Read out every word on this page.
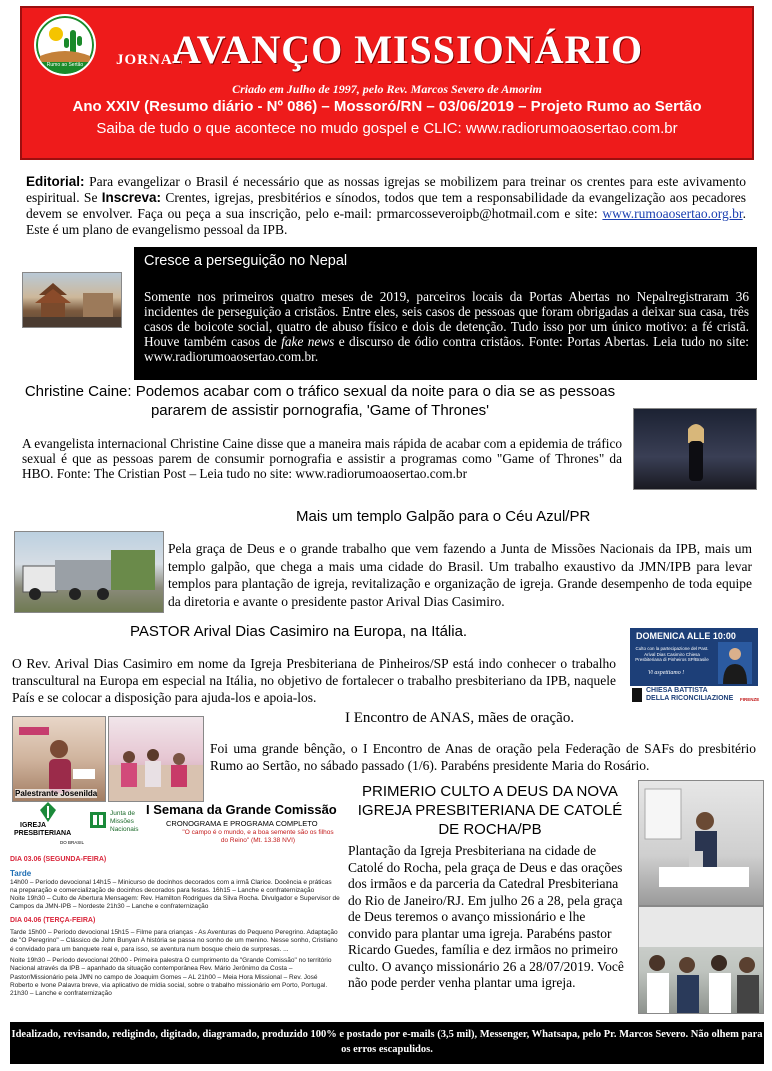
Rumo ao Sertão	JORNAL
AVANÇO MISSIONÁRIO
Criado em Julho de 1997, pelo Rev. Marcos Severo de Amorim
Ano XXIV (Resumo diário - Nº 086) – Mossoró/RN – 03/06/2019 – Projeto Rumo ao Sertão
Saiba de tudo o que acontece no mudo gospel e CLIC: www.radiorumoaosertao.com.br
Editorial: Para evangelizar o Brasil é necessário que as nossas igrejas se mobilizem para treinar os crentes para este avivamento espiritual. Se Inscreva: Crentes, igrejas, presbitérios e sínodos, todos que tem a responsabilidade da evangelização aos pecadores devem se envolver. Faça ou peça a sua inscrição, pelo e-mail: prmarcosseveroipb@hotmail.com e site: www.rumoaosertao.org.br. Este é um plano de evangelismo pessoal da IPB.
Cresce a perseguição no Nepal
Somente nos primeiros quatro meses de 2019, parceiros locais da Portas Abertas no Nepalregistraram 36 incidentes de perseguição a cristãos. Entre eles, seis casos de pessoas que foram obrigadas a deixar sua casa, três casos de boicote social, quatro de abuso físico e dois de detenção. Tudo isso por um único motivo: a fé cristã. Houve também casos de fake news e discurso de ódio contra cristãos. Fonte: Portas Abertas. Leia tudo no site: www.radiorumoaosertao.com.br.
Christine Caine: Podemos acabar com o tráfico sexual da noite para o dia se as pessoas pararem de assistir pornografia, 'Game of Thrones'
A evangelista internacional Christine Caine disse que a maneira mais rápida de acabar com a epidemia de tráfico sexual é que as pessoas parem de consumir pornografia e assistir a programas como "Game of Thrones" da HBO. Fonte: The Cristian Post – Leia tudo no site: www.radiorumoaosertao.com.br
Mais um templo Galpão para o Céu Azul/PR
Pela graça de Deus e o grande trabalho que vem fazendo a Junta de Missões Nacionais da IPB, mais um templo galpão, que chega a mais uma cidade do Brasil. Um trabalho exaustivo da JMN/IPB para levar templos para plantação de igreja, revitalização e organização de igreja. Grande desempenho de toda equipe da diretoria e avante o presidente pastor Arival Dias Casimiro.
PASTOR Arival Dias Casimiro na Europa, na Itália.
O Rev. Arival Dias Casimiro em nome da Igreja Presbiteriana de Pinheiros/SP está indo conhecer o trabalho transcultural na Europa em especial na Itália, no objetivo de fortalecer o trabalho presbiteriano da IPB, naquele País e se colocar a disposição para ajuda-los e apoia-los.
DOMENICA ALLE 10:00
Culto con la partecipazione del Past. Arival Dias Casimiro Chiesa Presbiteriana di Pinheiros SP/Brasile
Vi aspettiamo !
CHIESA BATTISTA
DELLA RICONCILIAZIONE FIRENZE
Palestrante Josenilda
I Encontro de ANAS, mães de oração.
Foi uma grande bênção, o I Encontro de Anas de oração pela Federação de SAFs do presbitério Rumo ao Sertão, no sábado passado (1/6). Parabéns presidente Maria do Rosário.
IGREJA
PRESBITERIANA
DO BRASIL
Junta de
Missões
Nacionais
I Semana da Grande Comissão
CRONOGRAMA E PROGRAMA COMPLETO
"O campo é o mundo, e a boa semente são os filhos do Reino" (Mt. 13.38 NVI)
DIA 03.06 (SEGUNDA-FEIRA)
Tarde
14h00 – Período devocional 14h15 – Minicurso de docinhos decorados com a irmã Clarice. Docência e práticas na preparação e comercialização de docinhos decorados para festas. 16h15 – Lanche e confraternização
Noite 19h30 – Culto de Abertura Mensagem: Rev. Hamilton Rodrigues da Silva Rocha. Divulgador e Supervisor de Campos da JMN-IPB – Nordeste 21h30 – Lanche e confraternização
DIA 04.06 (TERÇA-FEIRA)
Tarde 15h00 – Período devocional 15h15 – Filme para crianças - As Aventuras do Pequeno Peregrino. Adaptação de "O Peregrino" – Clássico de John Bunyan A história se passa no sonho de um menino. Nesse sonho, Cristiano é convidado para um banquete real e, para isso, se aventura num bosque cheio de surpresas. ...
Noite 19h30 – Período devocional 20h00 - Primeira palestra O cumprimento da "Grande Comissão" no território Nacional através da IPB – apanhado da situação contemporânea Rev. Mário Jerônimo da Costa – Pastor/Missionário pela JMN no campo de Joaquim Gomes – AL 21h00 – Meia Hora Missional – Rev. José Roberto e Ivone Palavra breve, via aplicativo de mídia social, sobre o trabalho missionário em Porto, Portugal. 21h30 – Lanche e confraternização
PRIMERIO CULTO A DEUS DA NOVA IGREJA PRESBITERIANA DE CATOLÉ DE ROCHA/PB
Plantação da Igreja Presbiteriana na cidade de Catolé do Rocha, pela graça de Deus e das orações dos irmãos e da parceria da Catedral Presbiteriana do Rio de Janeiro/RJ. Em julho 26 a 28, pela graça de Deus teremos o avanço missionário e lhe convido para plantar uma igreja. Parabéns pastor Ricardo Guedes, família e dez irmãos no primeiro culto. O avanço missionário 26 a 28/07/2019. Você não pode perder venha plantar uma igreja.
Idealizado, revisando, redigindo, digitado, diagramado, produzido 100% e postado por e-mails (3,5 mil), Messenger, Whatsapa, pelo Pr. Marcos Severo. Não olhem para os erros escapulidos.
